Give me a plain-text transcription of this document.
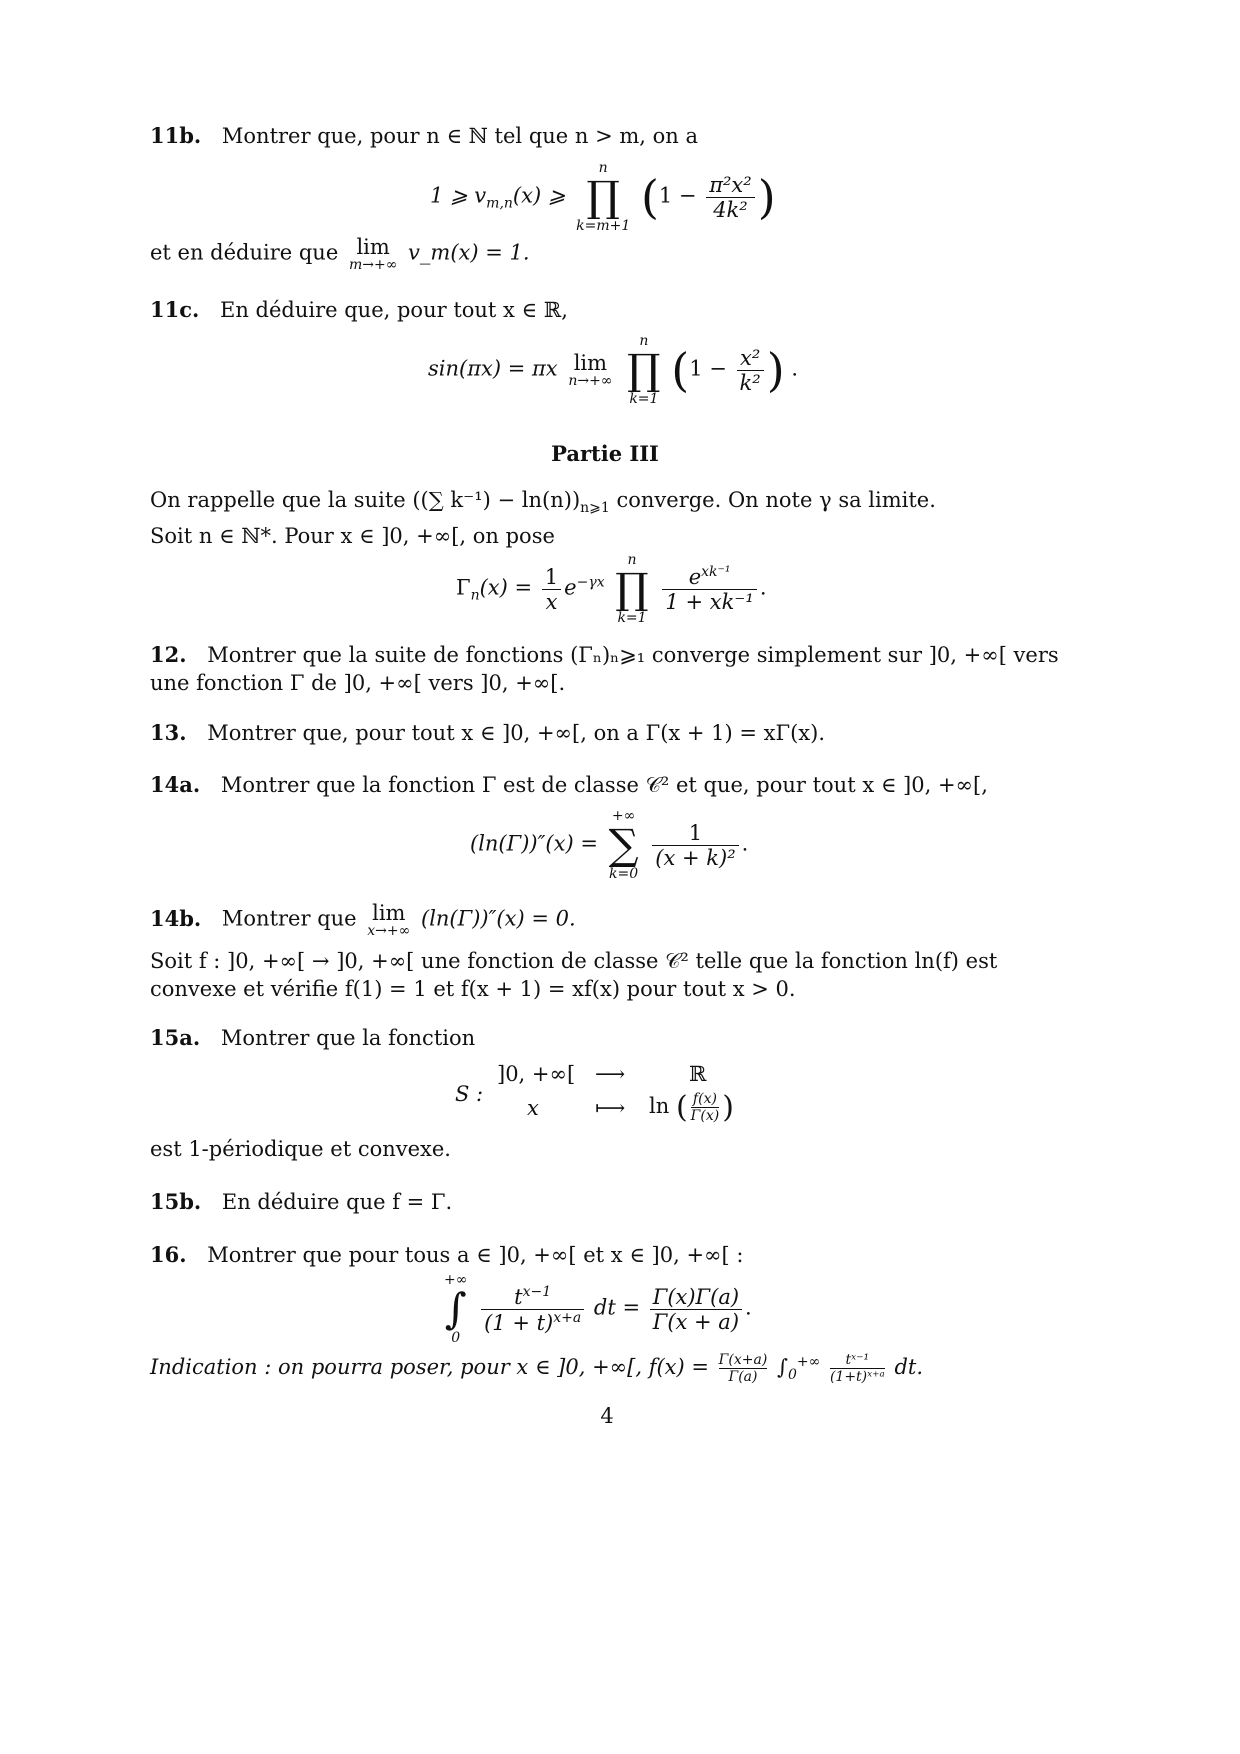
11b. Montrer que, pour n ∈ ℕ tel que n > m, on a
1 ⩾ $v_{m,n}(x)$ ⩾
n
∏
k=m+1
($1 - \frac{\text{π²x²}}{\text{4k²}}$ )
et en déduire que lim
m→+∞
v_m(x) = 1.
11c. En déduire que, pour tout x ∈ ℝ,
sin(πx) = πx lim
n→+∞

n
∏
k=1
($1 - \frac{\text{x²}}{\text{k²}}$ ) .
Partie III
On rappelle que la suite ((∑ $k^{-1}) - \ln(n))_{n⩾1}$ converge. On note γ sa limite.
Soit n ∈ ℕ*. Pour x ∈ ]0, +∞[, on pose
$\Gamma_n(x) = \frac{1}{x} e^{-\gamma x}$
n
∏
k=1

$\frac{e^{xk^{-1}}}{\text{1 + xk⁻¹}}$ .
12. Montrer que la suite de fonctions (Γₙ)ₙ⩾₁ converge simplement sur ]0, +∞[ vers une fonction Γ de ]0, +∞[ vers ]0, +∞[.
13. Montrer que, pour tout x ∈ ]0, +∞[, on a Γ(x + 1) = xΓ(x).
14a. Montrer que la fonction Γ est de classe 𝒞² et que, pour tout x ∈ ]0, +∞[,
(ln(Γ))″(x) =
+∞
∑
k=0

$\frac{1}{\text{(x + k)²}}$ .
14b. Montrer que lim
x→+∞
(ln(Γ))″(x) = 0.
Soit f : ]0, +∞[ → ]0, +∞[ une fonction de classe 𝒞² telle que la fonction ln(f) est convexe et vérifie f(1) = 1 et f(x + 1) = xf(x) pour tout x > 0.
15a. Montrer que la fonction
S :
]0, +∞[ ⟶	ℝ
x	⟼ ln ( $\frac{f(x)}{\Gamma(x)}$ )
est 1-périodique et convexe.
15b. En déduire que f = Γ.
16. Montrer que pour tous a ∈ ]0, +∞[ et x ∈ ]0, +∞[ :
+∞
∫
0

$\frac{t^{x-1}}{(1 + t)^{x+a}}$ dt = $\frac{\Gamma(x)\Gamma(a)}{\Gamma(x + a)}$ .
Indication : on pourra poser, pour x ∈ ]0, +∞[, $f(x) = \frac{\Gamma(x+a)}{\Gamma(a)} \int_0^{+\infty} \frac{\text{tˣ⁻¹}}{\text{(1+t)ˣ⁺ᵃ}}$ dt.
4
